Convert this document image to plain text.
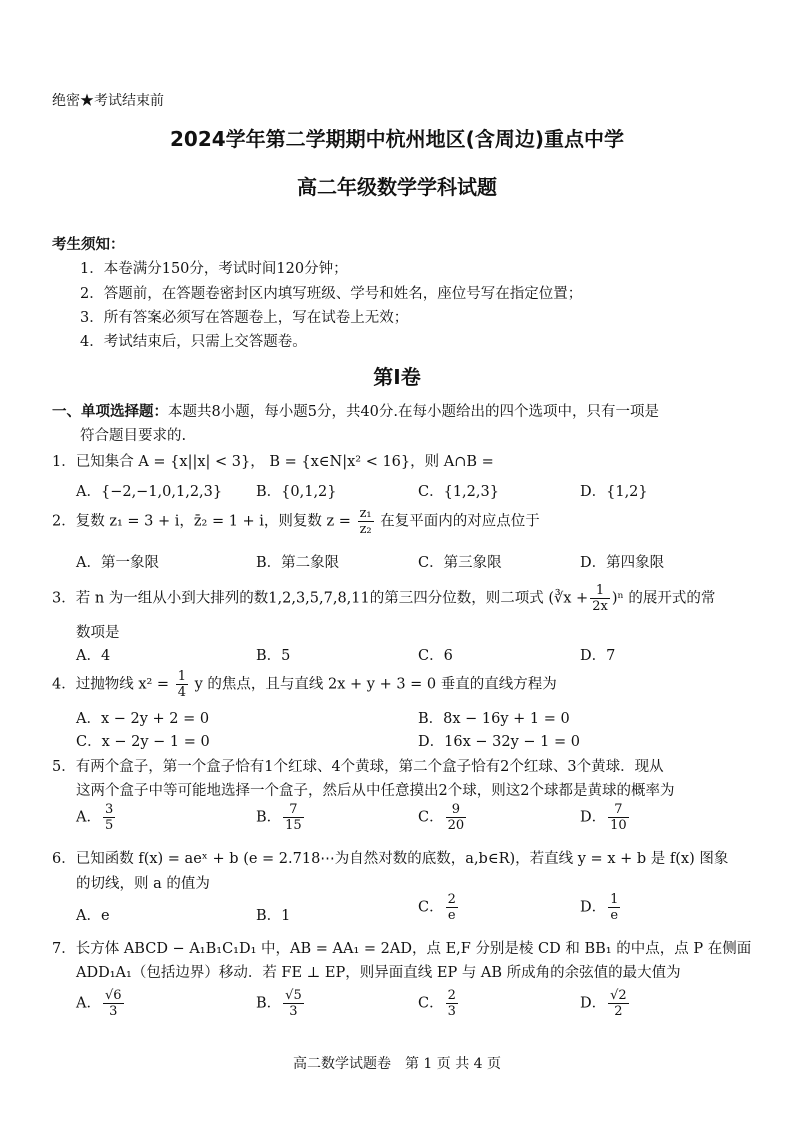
绝密★考试结束前
2024学年第二学期期中杭州地区(含周边)重点中学
高二年级数学学科试题
考生须知：
1．本卷满分150分，考试时间120分钟；
2．答题前，在答题卷密封区内填写班级、学号和姓名，座位号写在指定位置；
3．所有答案必须写在答题卷上，写在试卷上无效；
4．考试结束后，只需上交答题卷。
第Ⅰ卷
一、单项选择题：本题共8小题，每小题5分，共40分.在每小题给出的四个选项中，只有一项是
符合题目要求的.
1．已知集合 A = {x||x| < 3}， B = {x∈N|x² < 16}，则 A∩B =
A．{−2,−1,0,1,2,3} B．{0,1,2}	C．{1,2,3}	D．{1,2}
2．复数 z₁ = 3 + i，z̄₂ = 1 + i，则复数 $z = \frac{\text{z₁}}{\text{z₂}}$ 在复平面内的对应点位于
A．第一象限	B．第二象限	C．第三象限	D．第四象限
3．若 n 为一组从小到大排列的数1,2,3,5,7,8,11的第三四分位数，则二项式 (∛x + $\frac{1}{2x} )^n$ 的展开式的常
数项是
A．4	B．5	C．6	D．7
4．过抛物线 $x^2 = \frac{1}{4}$ y 的焦点，且与直线 2x + y + 3 = 0 垂直的直线方程为
A．x − 2y + 2 = 0	B．8x − 16y + 1 = 0
C．x − 2y − 1 = 0	D．16x − 32y − 1 = 0
5．有两个盒子，第一个盒子恰有1个红球、4个黄球，第二个盒子恰有2个红球、3个黄球．现从
这两个盒子中等可能地选择一个盒子，然后从中任意摸出2个球，则这2个球都是黄球的概率为
A． $\frac{3}{5}$	B． $\frac{7}{15}$	C． $\frac{9}{20}$	D． $\frac{7}{10}$
6．已知函数 f(x) = aeˣ + b (e = 2.718⋯为自然对数的底数，a,b∈R)，若直线 y = x + b 是 f(x) 图象
的切线，则 a 的值为
A．e	B．1
C． $\frac{2}{e}$	D． $\frac{1}{e}$
7．长方体 ABCD − A₁B₁C₁D₁ 中，AB = AA₁ = 2AD，点 E,F 分别是棱 CD 和 BB₁ 的中点，点 P 在侧面
ADD₁A₁（包括边界）移动．若 FE ⊥ EP，则异面直线 EP 与 AB 所成角的余弦值的最大值为
A． $\frac{√6}{3}$	B． $\frac{√5}{3}$	C． $\frac{2}{3}$	D． $\frac{√2}{2}$
高二数学试题卷　第 1 页 共 4 页
